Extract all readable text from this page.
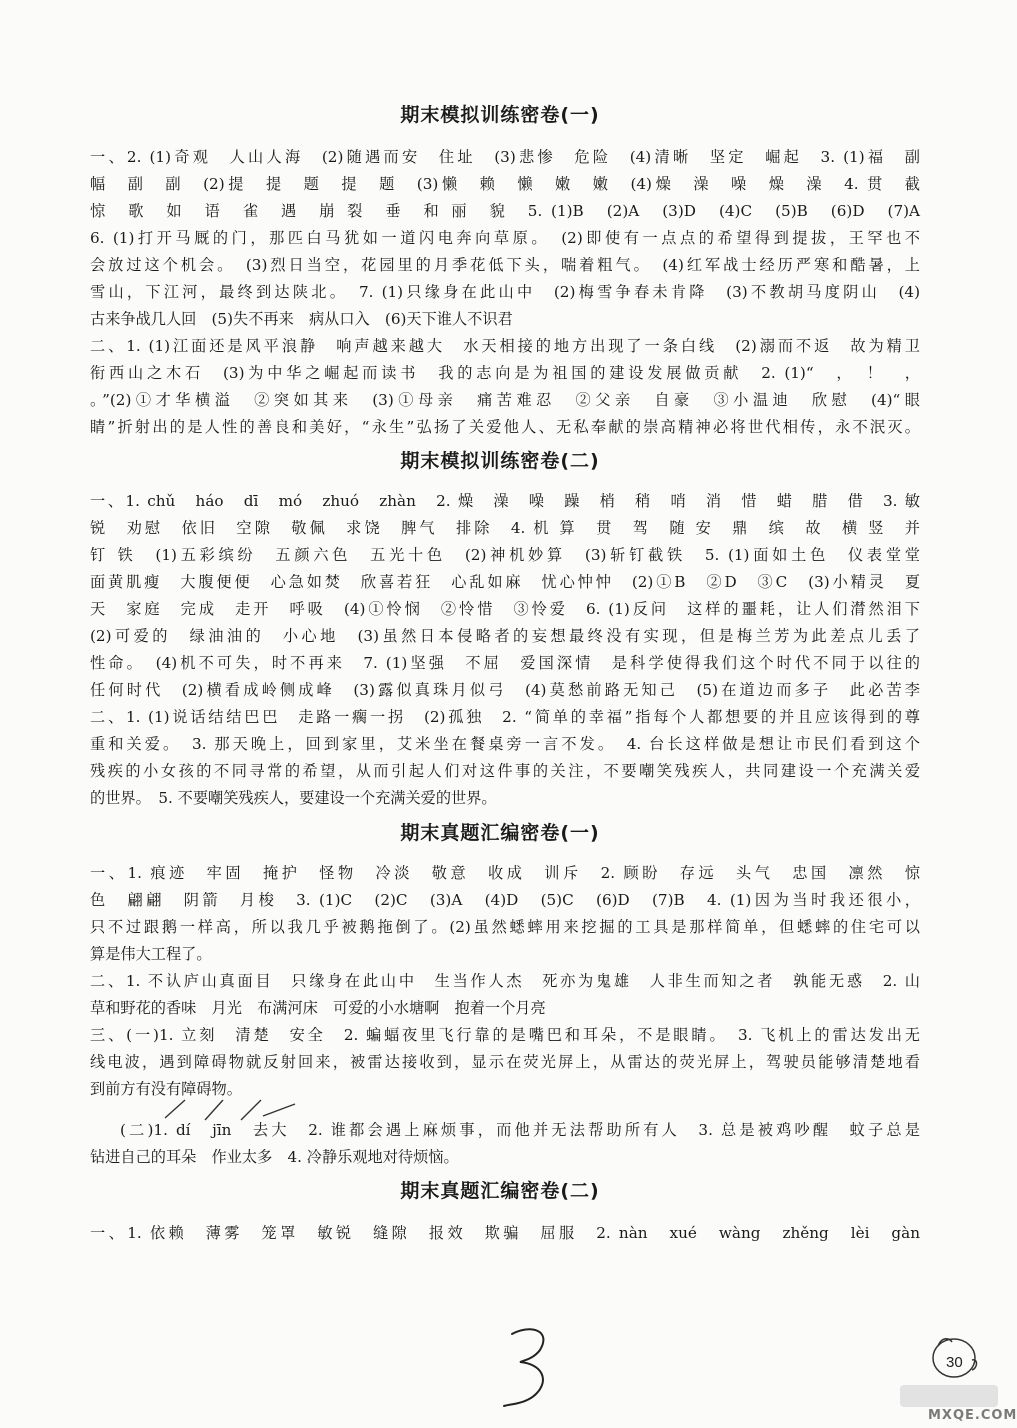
期末模拟训练密卷(一)
一、2. (1)奇观　人山人海　(2)随遇而安　住址　(3)悲惨　危险　(4)清晰　坚定　崛起　3. (1)福　副
幅　副　副　(2)提　提　题　提　题　(3)懒　赖　懒　嫩　嫩　(4)燥　澡　噪　燥　澡　4. 贯　截
惊　歌　如　语　雀　遇　崩 裂　垂　和 丽　貌　5. (1)B　(2)A　(3)D　(4)C　(5)B　(6)D　(7)A
6. (1)打开马厩的门，那匹白马犹如一道闪电奔向草原。　(2)即使有一点点的希望得到提拔，王罕也不
会放过这个机会。　(3)烈日当空，花园里的月季花低下头，喘着粗气。　(4)红军战士经历严寒和酷暑，上
雪山，下江河，最终到达陕北。　7. (1)只缘身在此山中　(2)梅雪争春未肯降　(3)不教胡马度阴山　(4)
古来争战几人回　(5)失不再来　病从口入　(6)天下谁人不识君
二、1. (1)江面还是风平浪静　响声越来越大　水天相接的地方出现了一条白线　(2)溺而不返　故为精卫
衔西山之木石　(3)为中华之崛起而读书　我的志向是为祖国的建设发展做贡献　2. (1)“　，　！　，
。”(2)①才华横溢　②突如其来　(3)①母亲　痛苦难忍　②父亲　自豪　③小温迪　欣慰　(4)“眼
睛”折射出的是人性的善良和美好，“永生”弘扬了关爱他人、无私奉献的崇高精神必将世代相传，永不泯灭。
期末模拟训练密卷(二)
一、1. chǔ　háo　dī　mó　zhuó　zhàn　2. 燥　澡　噪　躁　梢　稍　哨　消　惜　蜡　腊　借　3. 敏
锐　劝慰　依旧　空隙　敬佩　求饶　脾气　排除　4. 机 算　贯　驾　随 安　鼎　缤　故　横 竖　并
钉 铁　(1)五彩缤纷　五颜六色　五光十色　(2)神机妙算　(3)斩钉截铁　5. (1)面如土色　仪表堂堂
面黄肌瘦　大腹便便　心急如焚　欣喜若狂　心乱如麻　忧心忡忡　(2)①B　②D　③C　(3)小精灵　夏
天　家庭　完成　走开　呼吸　(4)①怜悯　②怜惜　③怜爱　6. (1)反问　这样的噩耗，让人们潸然泪下
(2)可爱的　绿油油的　小心地　(3)虽然日本侵略者的妄想最终没有实现，但是梅兰芳为此差点儿丢了
性命。　(4)机不可失，时不再来　7. (1)坚强　不屈　爱国深情　是科学使得我们这个时代不同于以往的
任何时代　(2)横看成岭侧成峰　(3)露似真珠月似弓　(4)莫愁前路无知己　(5)在道边而多子　此必苦李
二、1. (1)说话结结巴巴　走路一瘸一拐　(2)孤独　2. “简单的幸福”指每个人都想要的并且应该得到的尊
重和关爱。　3. 那天晚上，回到家里，艾米坐在餐桌旁一言不发。　4. 台长这样做是想让市民们看到这个
残疾的小女孩的不同寻常的希望，从而引起人们对这件事的关注，不要嘲笑残疾人，共同建设一个充满关爱
的世界。　5. 不要嘲笑残疾人，要建设一个充满关爱的世界。
期末真题汇编密卷(一)
一、1. 痕迹　牢固　掩护　怪物　冷淡　敬意　收成　训斥　2. 顾盼　存远　头气　忠国　凛然　惊
色　翩翩　阴箭　月梭　3. (1)C　(2)C　(3)A　(4)D　(5)C　(6)D　(7)B　4. (1)因为当时我还很小，
只不过跟鹅一样高，所以我几乎被鹅拖倒了。(2)虽然蟋蟀用来挖掘的工具是那样简单，但蟋蟀的住宅可以
算是伟大工程了。
二、1. 不认庐山真面目　只缘身在此山中　生当作人杰　死亦为鬼雄　人非生而知之者　孰能无惑　2. 山
草和野花的香味　月光　布满河床　可爱的小水塘啊　抱着一个月亮
三、(一)1. 立刻　清楚　安全　2. 蝙蝠夜里飞行靠的是嘴巴和耳朵，不是眼睛。　3. 飞机上的雷达发出无
线电波，遇到障碍物就反射回来，被雷达接收到，显示在荧光屏上，从雷达的荧光屏上，驾驶员能够清楚地看
到前方有没有障碍物。
(二)1. dí　jīn　去大　2. 谁都会遇上麻烦事，而他并无法帮助所有人　3. 总是被鸡吵醒　蚊子总是
钻进自己的耳朵　作业太多　4. 冷静乐观地对待烦恼。
期末真题汇编密卷(二)
一、1. 依赖　薄雾　笼罩　敏锐　缝隙　报效　欺骗　屈服　2. nàn　xué　wàng　zhěng　lèi　gàn
30
MXQE.COM
